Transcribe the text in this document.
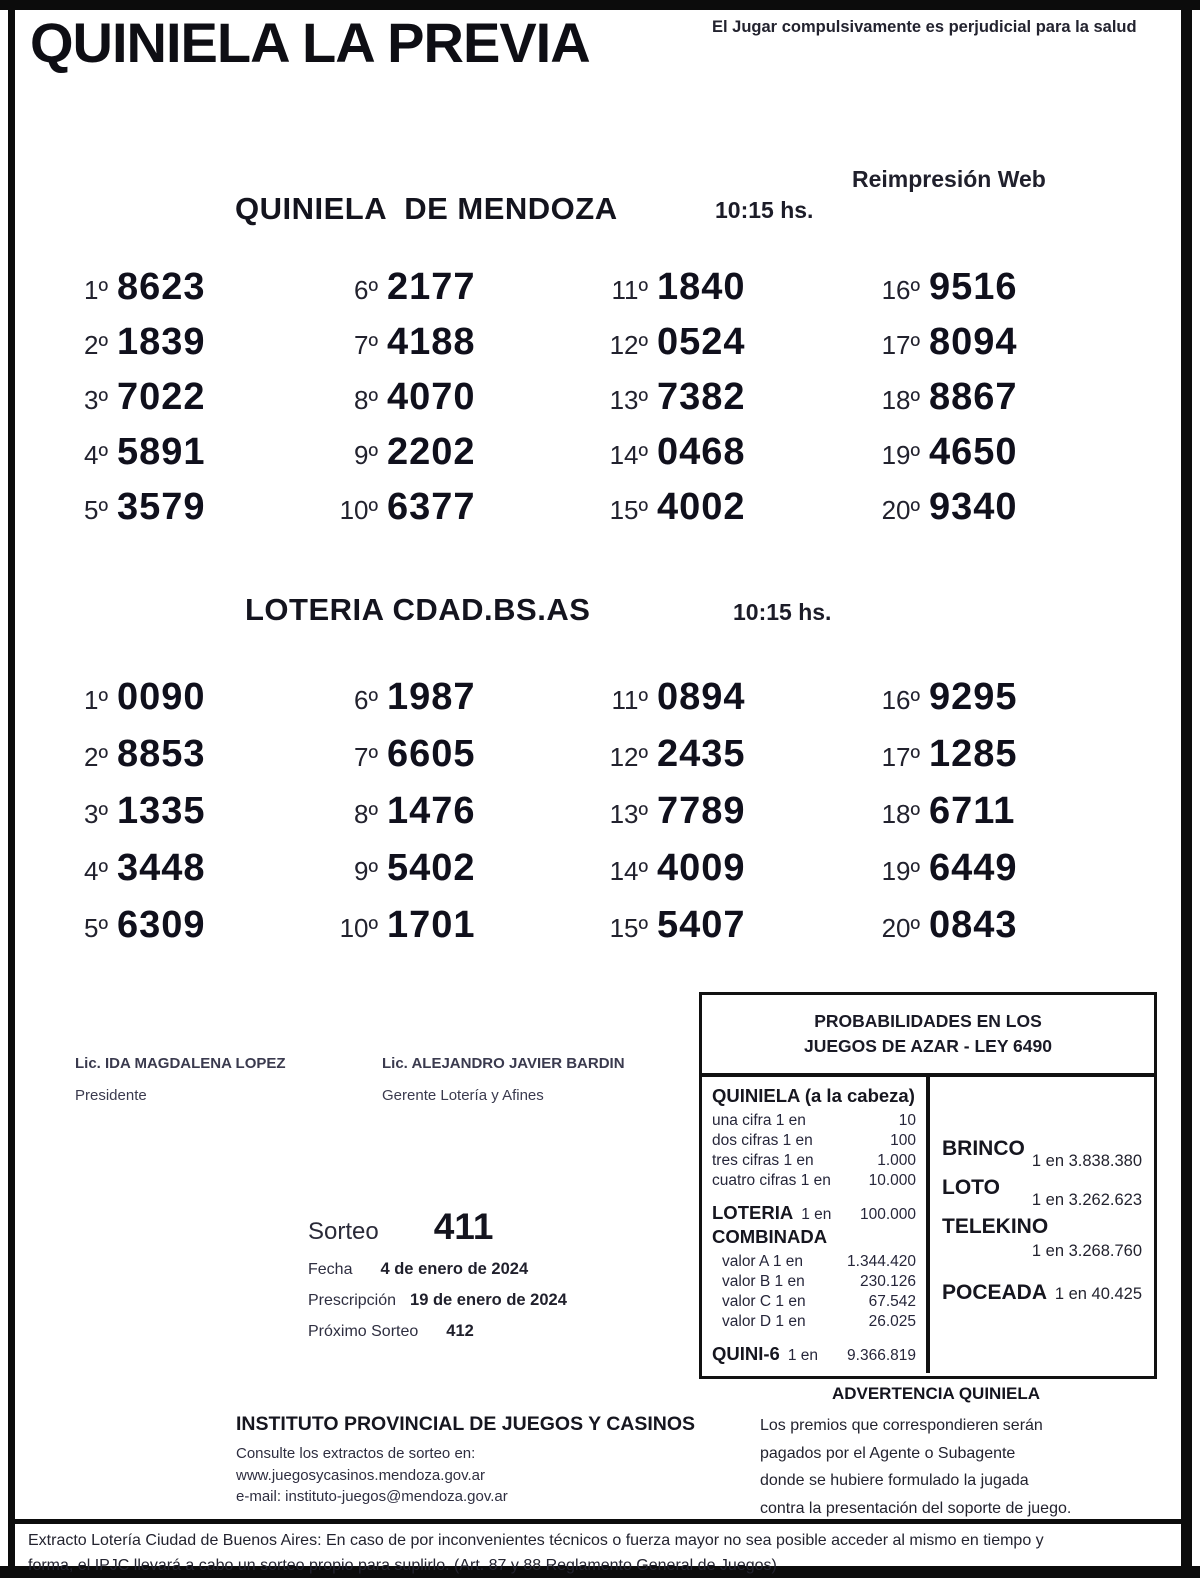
QUINIELA LA PREVIA	El Jugar compulsivamente es perjudicial para la salud
Reimpresión Web
QUINIELA  DE MENDOZA	10:15 hs.
1º 8623
2º 1839
3º 7022
4º 5891
5º 3579
6º 2177
7º 4188
8º 4070
9º 2202
10º 6377
11º 1840
12º 0524
13º 7382
14º 0468
15º 4002
16º 9516
17º 8094
18º 8867
19º 4650
20º 9340
LOTERIA CDAD.BS.AS	10:15 hs.
1º 0090
2º 8853
3º 1335
4º 3448
5º 6309
6º 1987
7º 6605
8º 1476
9º 5402
10º 1701
11º 0894
12º 2435
13º 7789
14º 4009
15º 5407
16º 9295
17º 1285
18º 6711
19º 6449
20º 0843
Lic. IDA MAGDALENA LOPEZ
Presidente
Lic. ALEJANDRO JAVIER BARDIN
Gerente Lotería y Afines
Sorteo 411
Fecha 4 de enero de 2024
Prescripción 19 de enero de 2024
Próximo Sorteo 412
PROBABILIDADES EN LOS
JUEGOS DE AZAR - LEY 6490
QUINIELA (a la cabeza)
una cifra 1 en	10
dos cifras 1 en	100
tres cifras 1 en	1.000
cuatro cifras 1 en 10.000
LOTERIA 1 en 100.000
COMBINADA
valor A 1 en	1.344.420
valor B 1 en	230.126
valor C 1 en	67.542
valor D 1 en	26.025
QUINI-6 1 en 9.366.819
BRINCO
1 en 3.838.380
LOTO
1 en 3.262.623
TELEKINO
1 en 3.268.760
POCEADA 1 en 40.425
ADVERTENCIA QUINIELA
Los premios que correspondieren serán
pagados por el Agente o Subagente
donde se hubiere formulado la jugada
contra la presentación del soporte de juego.
INSTITUTO PROVINCIAL DE JUEGOS Y CASINOS
Consulte los extractos de sorteo en:
www.juegosycasinos.mendoza.gov.ar
e-mail: instituto-juegos@mendoza.gov.ar
Extracto Lotería Ciudad de Buenos Aires: En caso de por inconvenientes técnicos o fuerza mayor no sea posible acceder al mismo en tiempo y
forma, el IPJC llevará a cabo un sorteo propio para suplirlo. (Art. 87 y 88 Reglamento General de Juegos)
